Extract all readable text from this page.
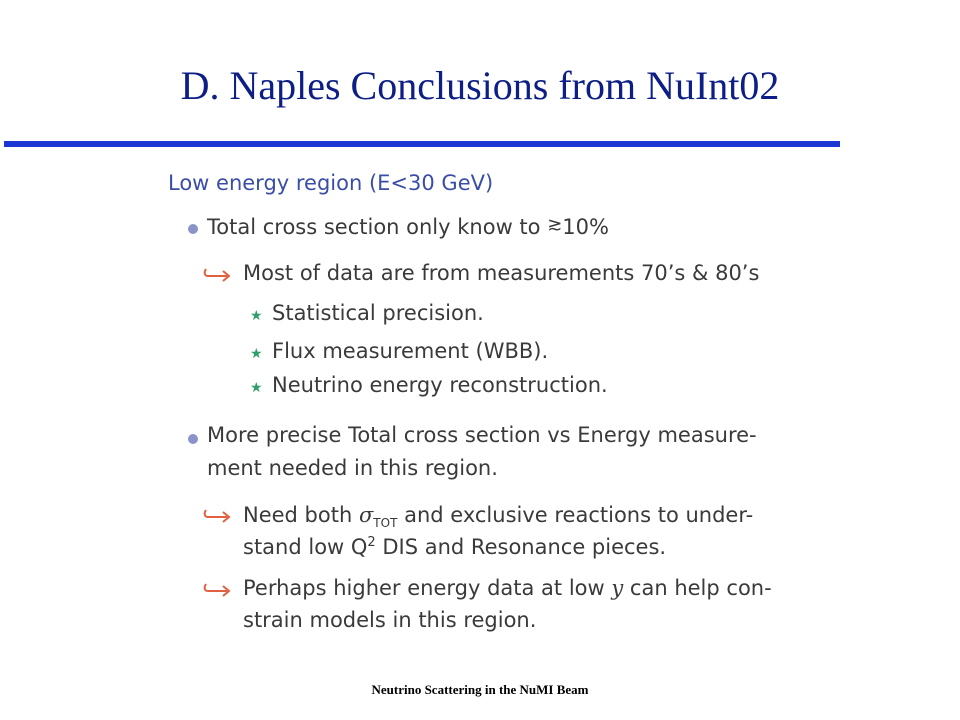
D. Naples Conclusions from NuInt02
Low energy region (E<30 GeV)
Total cross section only know to ≳10%
Most of data are from measurements 70’s & 80’s
★ Statistical precision.
★ Flux measurement (WBB).
★ Neutrino energy reconstruction.
More precise Total cross section vs Energy measure-
ment needed in this region.
Need both $\sigma_{TOT}$ and exclusive reactions to under-
stand low $Q^2$ DIS and Resonance pieces.
Perhaps higher energy data at low y can help con-
strain models in this region.
Neutrino Scattering in the NuMI Beam
